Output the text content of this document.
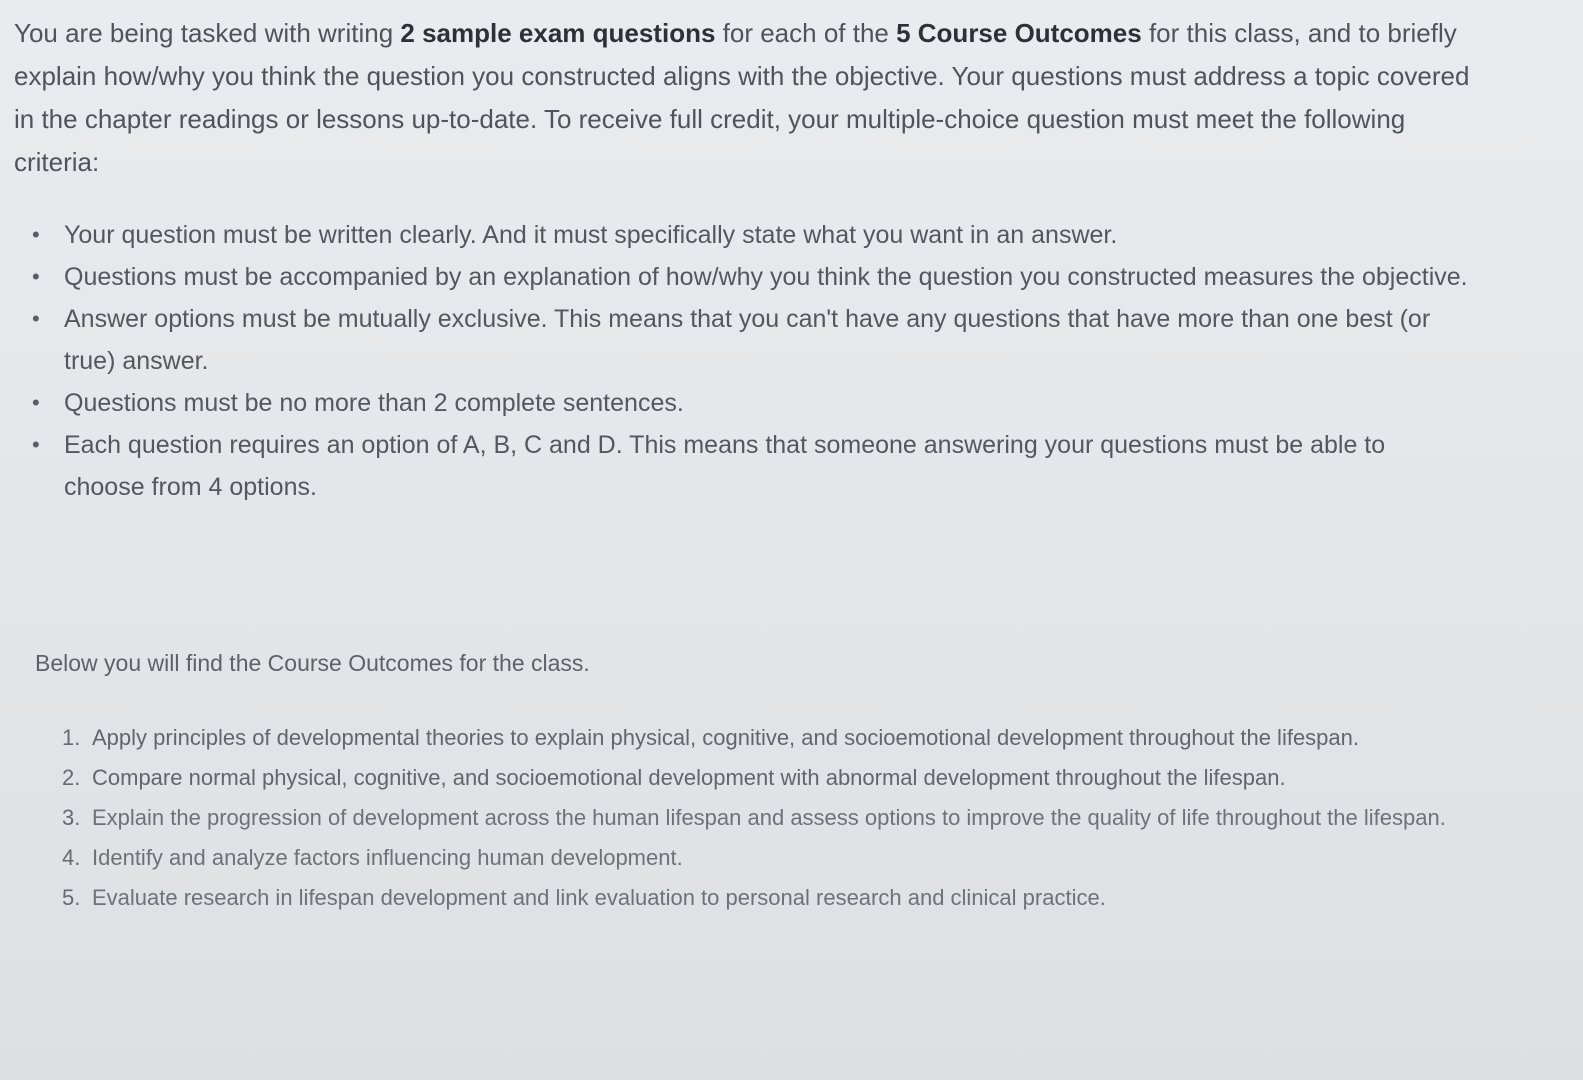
You are being tasked with writing 2 sample exam questions for each of the 5 Course Outcomes for this class, and to briefly explain how/why you think the question you constructed aligns with the objective. Your questions must address a topic covered in the chapter readings or lessons up-to-date. To receive full credit, your multiple-choice question must meet the following criteria:

• Your question must be written clearly. And it must specifically state what you want in an answer.
• Questions must be accompanied by an explanation of how/why you think the question you constructed measures the objective.
• Answer options must be mutually exclusive. This means that you can't have any questions that have more than one best (or true) answer.
• Questions must be no more than 2 complete sentences.
• Each question requires an option of A, B, C and D. This means that someone answering your questions must be able to choose from 4 options.

Below you will find the Course Outcomes for the class.

1. Apply principles of developmental theories to explain physical, cognitive, and socioemotional development throughout the lifespan.
2. Compare normal physical, cognitive, and socioemotional development with abnormal development throughout the lifespan.
3. Explain the progression of development across the human lifespan and assess options to improve the quality of life throughout the lifespan.
4. Identify and analyze factors influencing human development.
5. Evaluate research in lifespan development and link evaluation to personal research and clinical practice.
